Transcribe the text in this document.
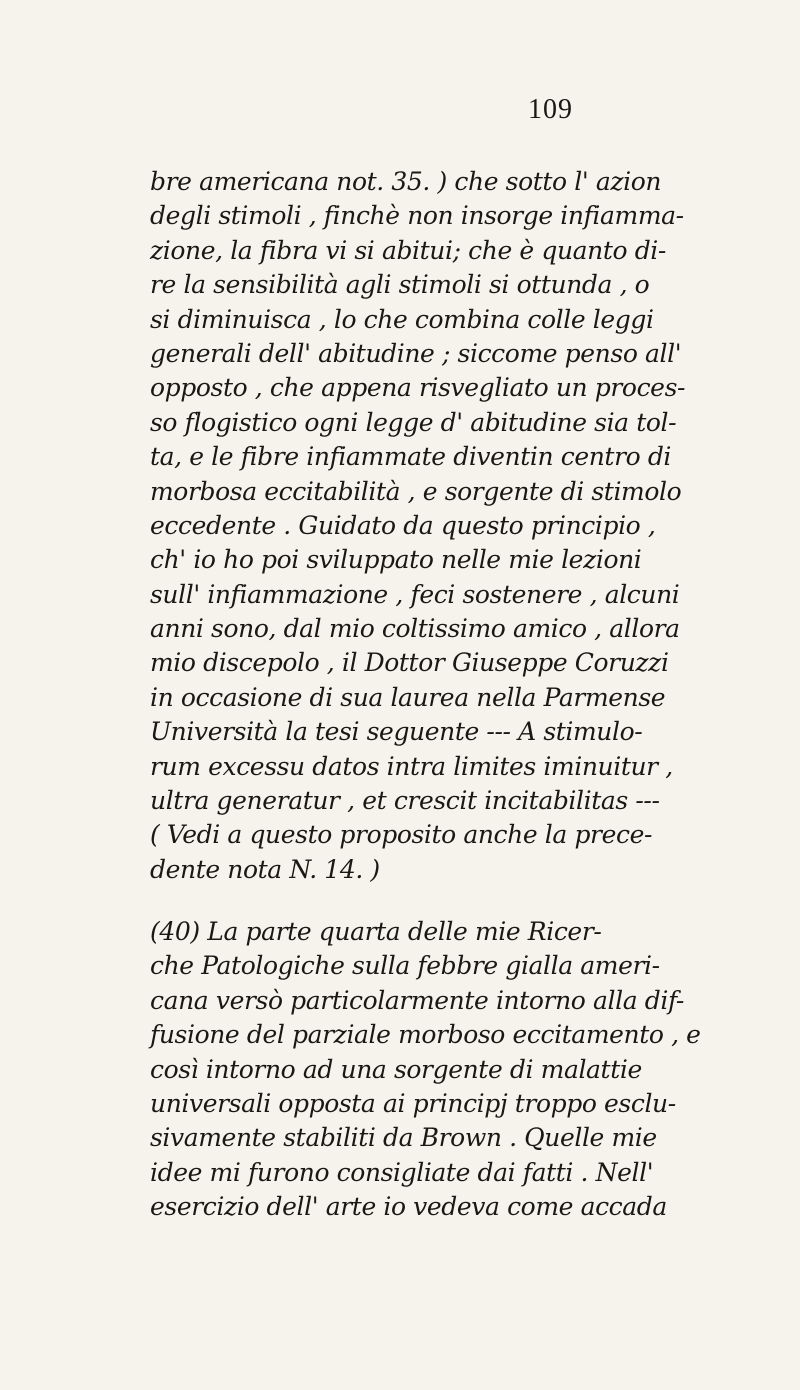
109
bre americana not. 35. ) che sotto l' azion
degli stimoli , finchè non insorge infiamma-
zione, la fibra vi si abitui; che è quanto di-
re la sensibilità agli stimoli si ottunda , o
si diminuisca , lo che combina colle leggi
generali dell' abitudine ; siccome penso all'
opposto , che appena risvegliato un proces-
so flogistico ogni legge d' abitudine sia tol-
ta, e le fibre infiammate diventin centro di
morbosa eccitabilità , e sorgente di stimolo
eccedente . Guidato da questo principio ,
ch' io ho poi sviluppato nelle mie lezioni
sull' infiammazione , feci sostenere , alcuni
anni sono, dal mio coltissimo amico , allora
mio discepolo , il Dottor Giuseppe Coruzzi
in occasione di sua laurea nella Parmense
Università la tesi seguente --- A stimulo-
rum excessu datos intra limites iminuitur ,
ultra generatur , et crescit incitabilitas ---
( Vedi a questo proposito anche la prece-
dente nota N. 14. )
(40) La parte quarta delle mie Ricer-
che Patologiche sulla febbre gialla ameri-
cana versò particolarmente intorno alla dif-
fusione del parziale morboso eccitamento , e
così intorno ad una sorgente di malattie
universali opposta ai principj troppo esclu-
sivamente stabiliti da Brown . Quelle mie
idee mi furono consigliate dai fatti . Nell'
esercizio dell' arte io vedeva come accada
